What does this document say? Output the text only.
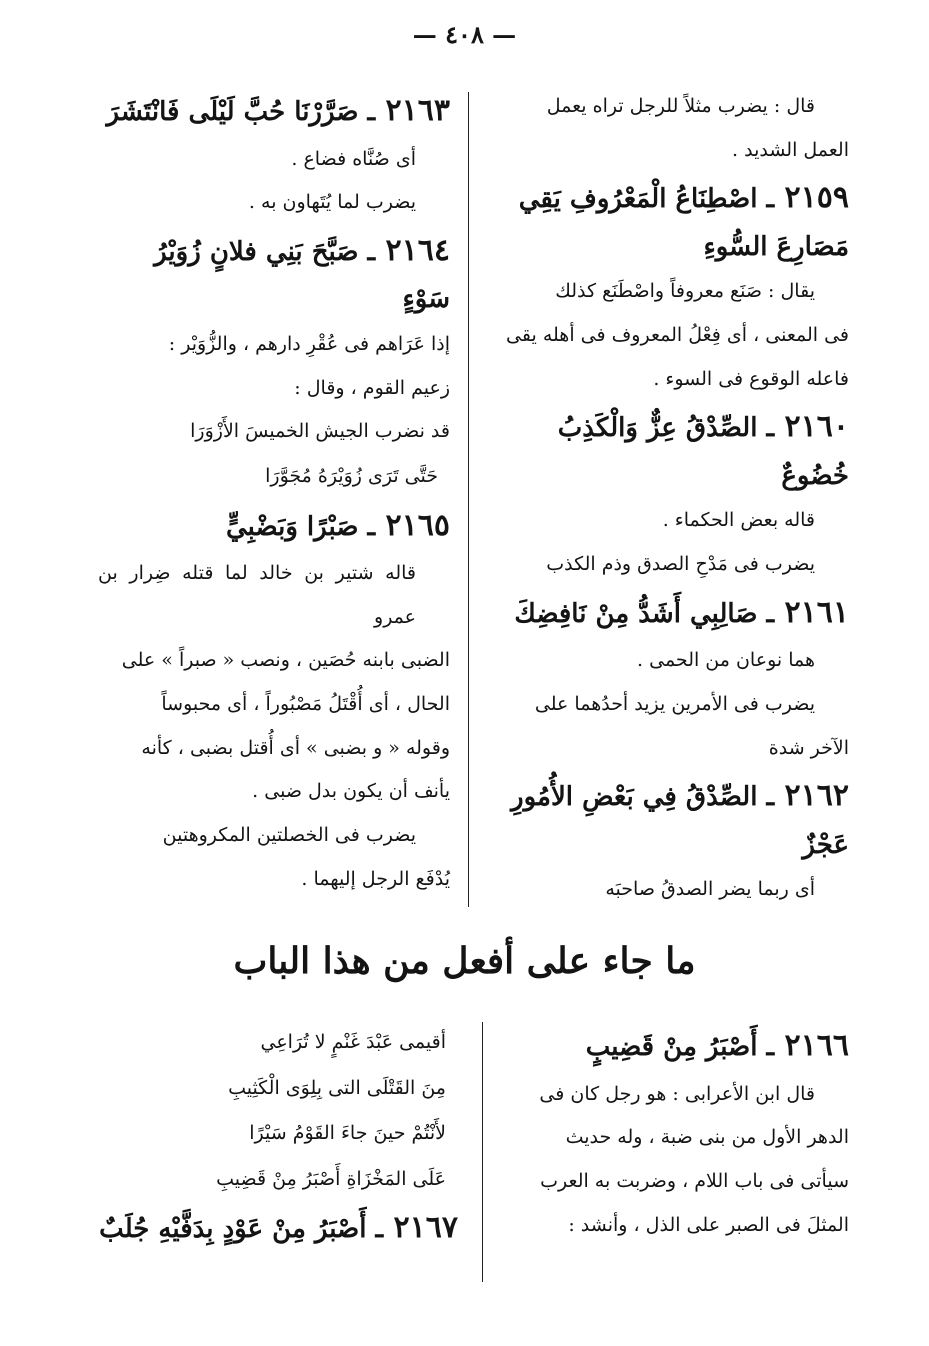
— ٤٠٨ —
قال : يضرب مثلاً للرجل تراه يعمل
العمل الشديد .
٢١٥٩ ـ اصْطِنَاعُ الْمَعْرُوفِ يَقِي
مَصَارِعَ السُّوءِ
يقال : صَنَع معروفاً واصْطَنَع كذلك
فى المعنى ، أى فِعْلُ المعروف فى أهله يقى
فاعله الوقوع فى السوء .
٢١٦٠ ـ الصِّدْقُ عِزٌّ وَالْكَذِبُ
خُضُوعٌ
قاله بعض الحكماء .
يضرب فى مَدْحِ الصدق وذم الكذب
٢١٦١ ـ صَالِبِي أَشَدُّ مِنْ نَافِضِكَ
هما نوعان من الحمى .
يضرب فى الأمرين يزيد أحدُهما على
الآخر شدة
٢١٦٢ ـ الصِّدْقُ فِي بَعْضِ الأُمُورِ عَجْزٌ
أى ربما يضر الصدقُ صاحبَه
٢١٦٣ ـ صَرَّرْنَا حُبَّ لَيْلَى فَانْتَشَرَ
أى صُنَّاه فضاع .
يضرب لما يُتَهاون به .
٢١٦٤ ـ صَبَّحَ بَنِي فلانٍ زُوَيْرُ سَوْءٍ
إذا عَرَاهم فى عُقْرِ دارهم ، والزُّوَيْر :
زعيم القوم ، وقال :
قد نضرب الجيش الخميسَ الأَزْوَرَا
حَتَّى تَرَى زُوَيْرَهُ مُجَوَّرَا
٢١٦٥ ـ صَبْرًا وَبَضْبِيٍّ
قاله شتير بن خالد لما قتله ضِرار بن عمرو
الضبى بابنه حُصَين ، ونصب « صبراً » على
الحال ، أى أُقْتَلُ مَصْبُوراً ، أى محبوساً
وقوله « و بضبى » أى أُقتل بضبى ، كأنه
يأنف أن يكون بدل ضبى .
يضرب فى الخصلتين المكروهتين
يُدْفَع الرجل إليهما .
ما جاء على أفعل من هذا الباب
٢١٦٦ ـ أَصْبَرُ مِنْ قَضِيبٍ
قال ابن الأعرابى : هو رجل كان فى
الدهر الأول من بنى ضبة ، وله حديث
سيأتى فى باب اللام ، وضربت به العرب
المثلَ فى الصبر على الذل ، وأنشد :
أقيمى عَبْدَ غَنْمٍ لا تُرَاعِي
مِنَ القَتْلَى التى بِلِوَى الْكَثِيبِ
لأَنْتُمْ حينَ جاءَ القَوْمُ سَيْرًا
عَلَى المَخْزَاةِ أَصْبَرُ مِنْ قَضِيبِ
٢١٦٧ ـ أَصْبَرُ مِنْ عَوْدٍ بِدَفَّيْهِ جُلَبٌ
